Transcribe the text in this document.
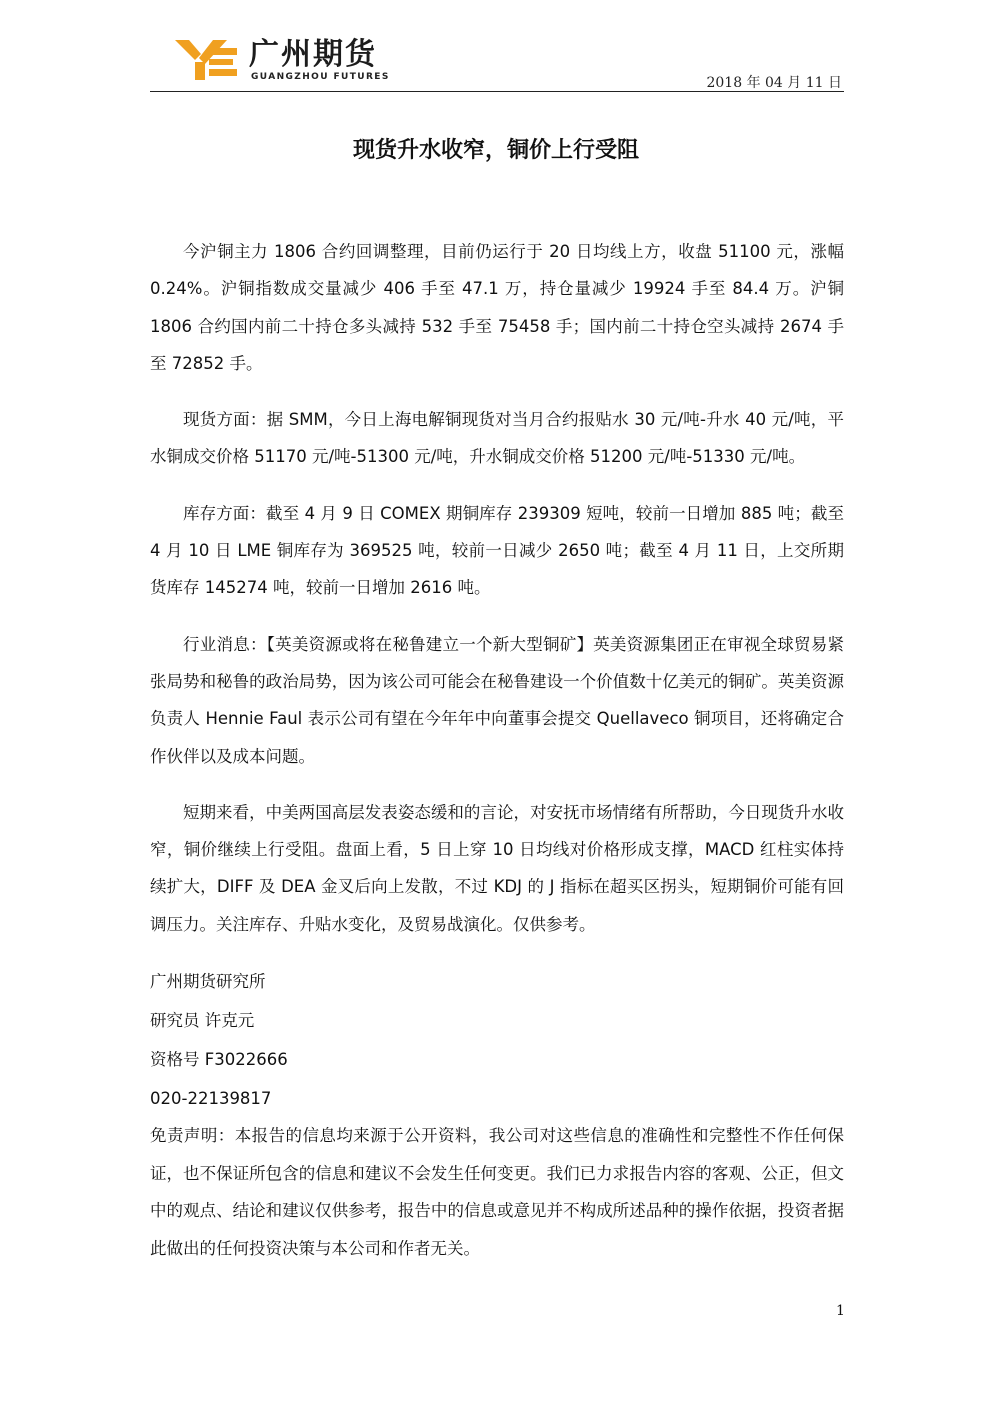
广州期货
GUANGZHOU FUTURES	2018 年 04 月 11 日
现货升水收窄，铜价上行受阻

今沪铜主力 1806 合约回调整理，目前仍运行于 20 日均线上方，收盘 51100 元，涨幅 0.24%。沪铜指数成交量减少 406 手至 47.1 万，持仓量减少 19924 手至 84.4 万。沪铜 1806 合约国内前二十持仓多头减持 532 手至 75458 手；国内前二十持仓空头减持 2674 手至 72852 手。

现货方面：据 SMM，今日上海电解铜现货对当月合约报贴水 30 元/吨-升水 40 元/吨，平水铜成交价格 51170 元/吨-51300 元/吨，升水铜成交价格 51200 元/吨-51330 元/吨。

库存方面：截至 4 月 9 日 COMEX 期铜库存 239309 短吨，较前一日增加 885 吨；截至 4 月 10 日 LME 铜库存为 369525 吨，较前一日减少 2650 吨；截至 4 月 11 日，上交所期货库存 145274 吨，较前一日增加 2616 吨。

行业消息：【英美资源或将在秘鲁建立一个新大型铜矿】英美资源集团正在审视全球贸易紧张局势和秘鲁的政治局势，因为该公司可能会在秘鲁建设一个价值数十亿美元的铜矿。英美资源负责人 Hennie Faul 表示公司有望在今年年中向董事会提交 Quellaveco 铜项目，还将确定合作伙伴以及成本问题。

短期来看，中美两国高层发表姿态缓和的言论，对安抚市场情绪有所帮助，今日现货升水收窄，铜价继续上行受阻。盘面上看，5 日上穿 10 日均线对价格形成支撑，MACD 红柱实体持续扩大，DIFF 及 DEA 金叉后向上发散，不过 KDJ 的 J 指标在超买区拐头，短期铜价可能有回调压力。关注库存、升贴水变化，及贸易战演化。仅供参考。

广州期货研究所
研究员 许克元
资格号 F3022666
020-22139817
免责声明：本报告的信息均来源于公开资料，我公司对这些信息的准确性和完整性不作任何保证，也不保证所包含的信息和建议不会发生任何变更。我们已力求报告内容的客观、公正，但文中的观点、结论和建议仅供参考，报告中的信息或意见并不构成所述品种的操作依据，投资者据此做出的任何投资决策与本公司和作者无关。
1
